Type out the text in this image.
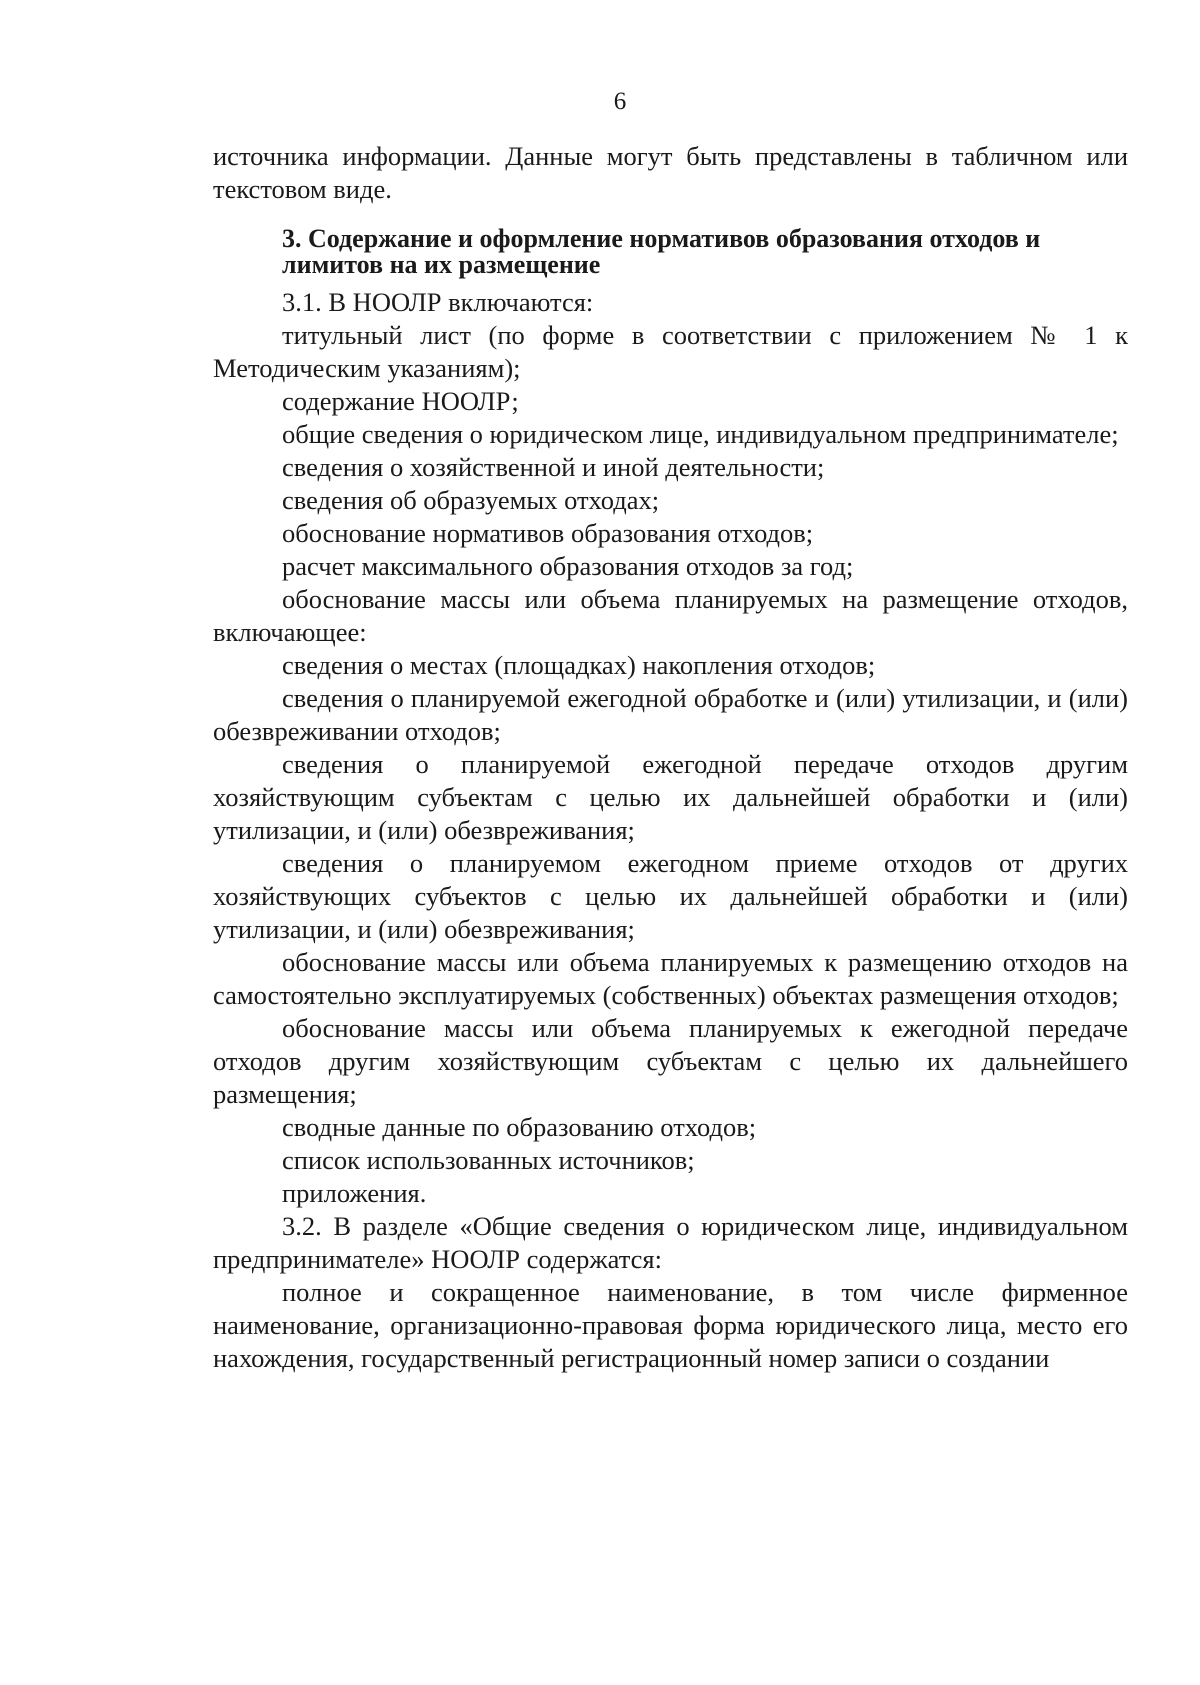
6

источника информации. Данные могут быть представлены в табличном или текстовом виде.

3. Содержание и оформление нормативов образования отходов и лимитов на их размещение

3.1. В НООЛР включаются:

титульный лист (по форме в соответствии с приложением № 1 к Методическим указаниям);

содержание НООЛР;

общие сведения о юридическом лице, индивидуальном предпринимателе;

сведения о хозяйственной и иной деятельности;

сведения об образуемых отходах;

обоснование нормативов образования отходов;

расчет максимального образования отходов за год;

обоснование массы или объема планируемых на размещение отходов, включающее:

сведения о местах (площадках) накопления отходов;

сведения о планируемой ежегодной обработке и (или) утилизации, и (или) обезвреживании отходов;

сведения о планируемой ежегодной передаче отходов другим хозяйствующим субъектам с целью их дальнейшей обработки и (или) утилизации, и (или) обезвреживания;

сведения о планируемом ежегодном приеме отходов от других хозяйствующих субъектов с целью их дальнейшей обработки и (или) утилизации, и (или) обезвреживания;

обоснование массы или объема планируемых к размещению отходов на самостоятельно эксплуатируемых (собственных) объектах размещения отходов;

обоснование массы или объема планируемых к ежегодной передаче отходов другим хозяйствующим субъектам с целью их дальнейшего размещения;

сводные данные по образованию отходов;

список использованных источников;

приложения.

3.2. В разделе «Общие сведения о юридическом лице, индивидуальном предпринимателе» НООЛР содержатся:

полное и сокращенное наименование, в том числе фирменное наименование, организационно-правовая форма юридического лица, место его нахождения, государственный регистрационный номер записи о создании
